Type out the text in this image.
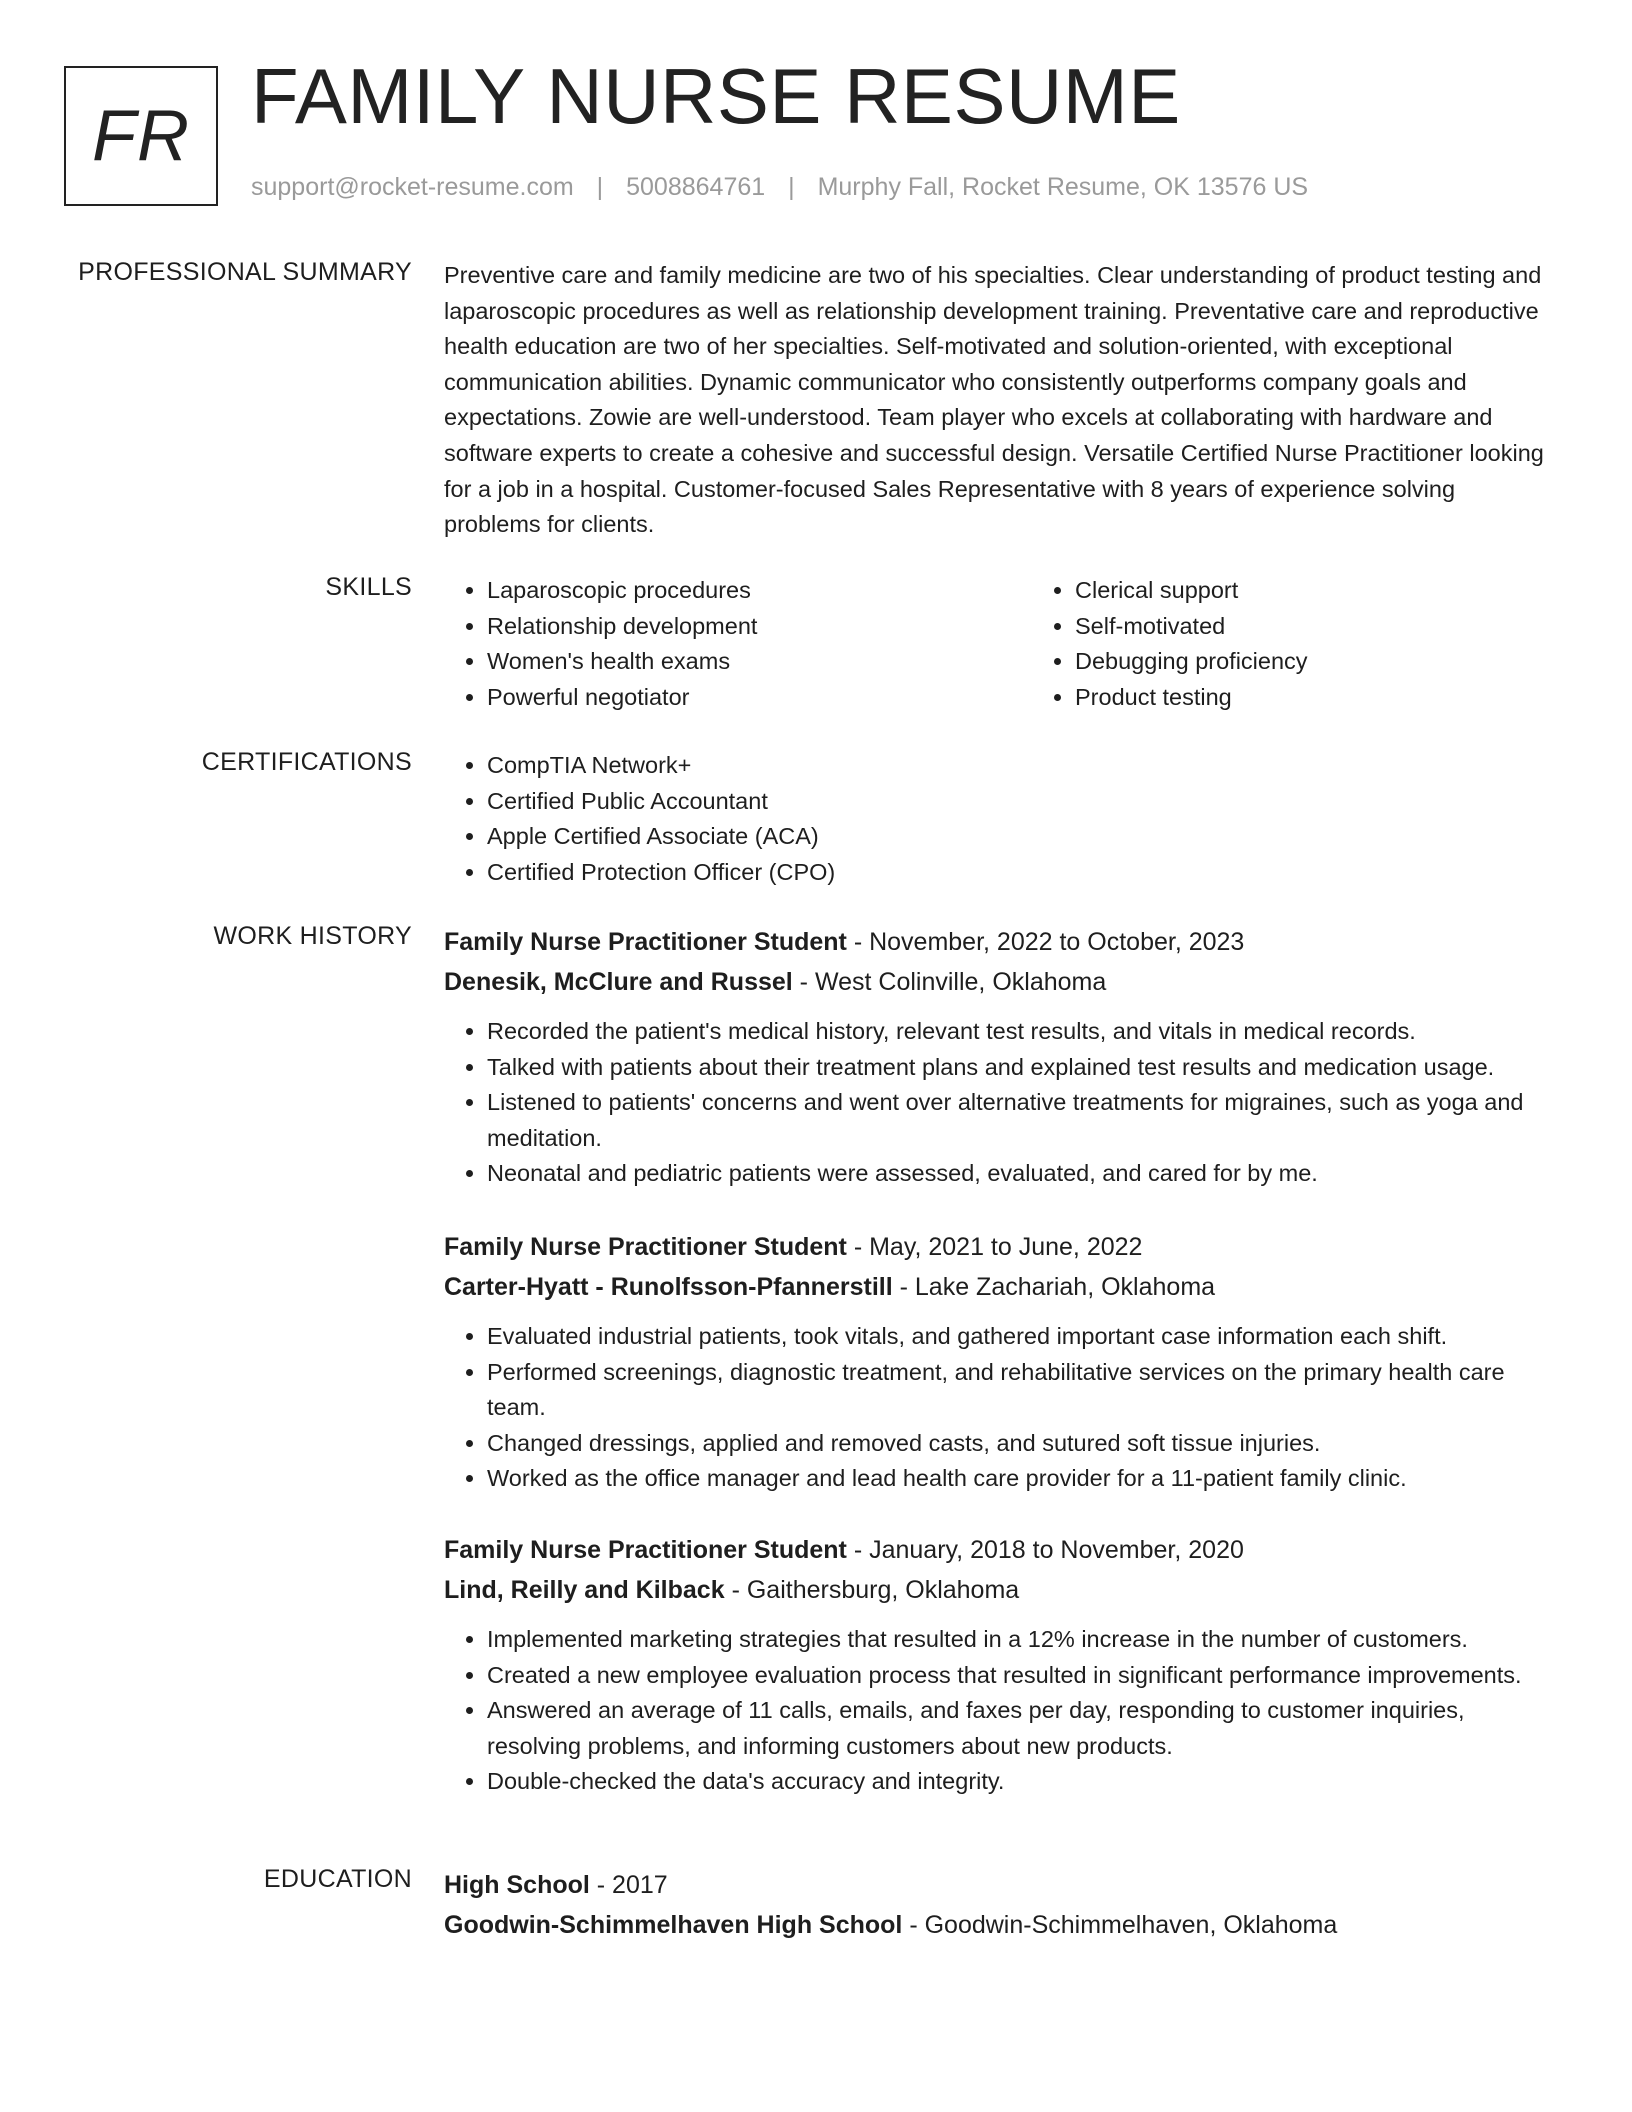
FR FAMILY NURSE RESUME
support@rocket-resume.com | 5008864761 | Murphy Fall, Rocket Resume, OK 13576 US
PROFESSIONAL SUMMARY Preventive care and family medicine are two of his specialties. Clear understanding of product testing and laparoscopic procedures as well as relationship development training. Preventative care and reproductive health education are two of her specialties. Self-motivated and solution-oriented, with exceptional communication abilities. Dynamic communicator who consistently outperforms company goals and expectations. Zowie are well-understood. Team player who excels at collaborating with hardware and software experts to create a cohesive and successful design. Versatile Certified Nurse Practitioner looking for a job in a hospital. Customer-focused Sales Representative with 8 years of experience solving problems for clients.

SKILLS	• Laparoscopic procedures
• Relationship development
• Women's health exams
• Powerful negotiator
• Clerical support
• Self-motivated
• Debugging proficiency
• Product testing
CERTIFICATIONS	• CompTIA Network+
• Certified Public Accountant
• Apple Certified Associate (ACA)
• Certified Protection Officer (CPO)
WORK HISTORY Family Nurse Practitioner Student - November, 2022 to October, 2023
Denesik, McClure and Russel - West Colinville, Oklahoma
• Recorded the patient's medical history, relevant test results, and vitals in medical records.
• Talked with patients about their treatment plans and explained test results and medication usage.
• Listened to patients' concerns and went over alternative treatments for migraines, such as yoga and meditation.
• Neonatal and pediatric patients were assessed, evaluated, and cared for by me.
Family Nurse Practitioner Student - May, 2021 to June, 2022
Carter-Hyatt - Runolfsson-Pfannerstill - Lake Zachariah, Oklahoma
• Evaluated industrial patients, took vitals, and gathered important case information each shift.
• Performed screenings, diagnostic treatment, and rehabilitative services on the primary health care team.
• Changed dressings, applied and removed casts, and sutured soft tissue injuries.
• Worked as the office manager and lead health care provider for a 11-patient family clinic.
Family Nurse Practitioner Student - January, 2018 to November, 2020
Lind, Reilly and Kilback - Gaithersburg, Oklahoma
• Implemented marketing strategies that resulted in a 12% increase in the number of customers.
• Created a new employee evaluation process that resulted in significant performance improvements.
• Answered an average of 11 calls, emails, and faxes per day, responding to customer inquiries, resolving problems, and informing customers about new products.
• Double-checked the data's accuracy and integrity.
EDUCATION High School - 2017
Goodwin-Schimmelhaven High School - Goodwin-Schimmelhaven, Oklahoma
